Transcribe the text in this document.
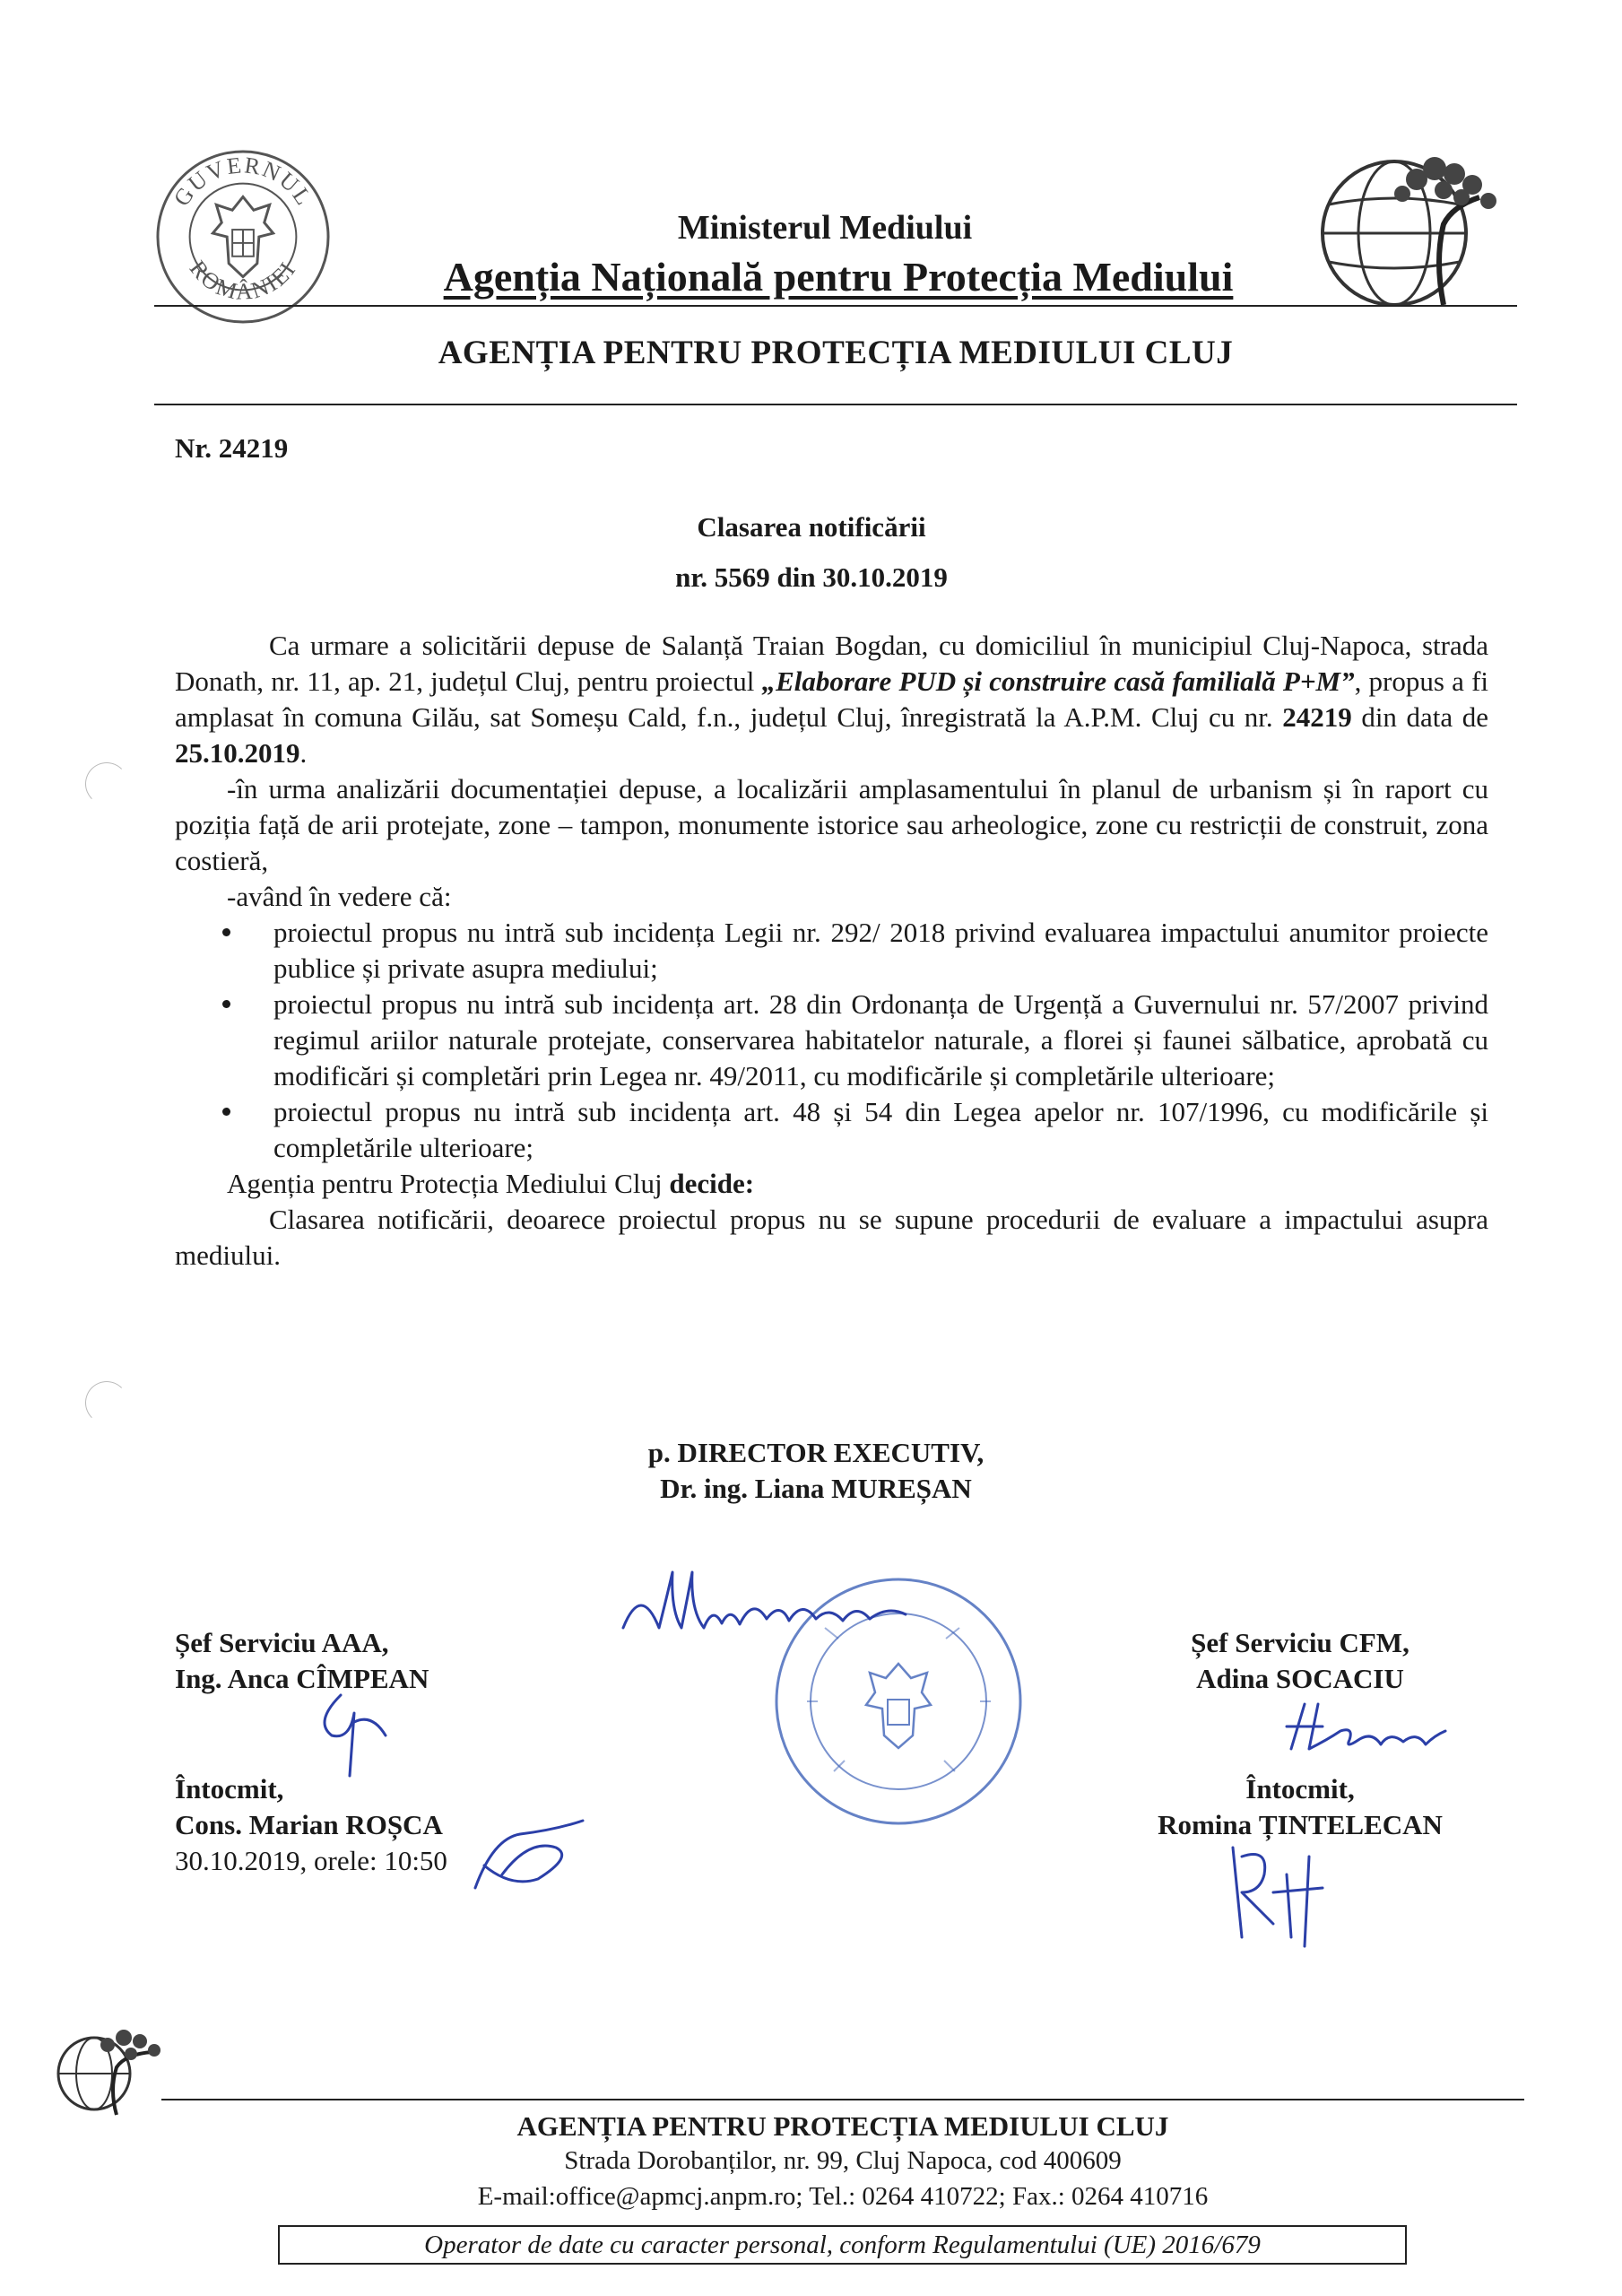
GUVERNUL
ROMÂNIEI
Ministerul Mediului
Agenția Națională pentru Protecția Mediului
AGENȚIA PENTRU PROTECȚIA MEDIULUI CLUJ
Nr. 24219
Clasarea notificării
nr. 5569 din 30.10.2019

Ca urmare a solicitării depuse de Salanță Traian Bogdan, cu domiciliul în municipiul Cluj-Napoca, strada Donath, nr. 11, ap. 21, județul Cluj, pentru proiectul „Elaborare PUD și construire casă familială P+M”, propus a fi amplasat în comuna Gilău, sat Someșu Cald, f.n., județul Cluj, înregistrată la A.P.M. Cluj cu nr. 24219 din data de 25.10.2019.

-în urma analizării documentației depuse, a localizării amplasamentului în planul de urbanism și în raport cu poziția față de arii protejate, zone – tampon, monumente istorice sau arheologice, zone cu restricții de construit, zona costieră,

-având în vedere că:

proiectul propus nu intră sub incidența Legii nr. 292/ 2018 privind evaluarea impactului anumitor proiecte publice și private asupra mediului;
proiectul propus nu intră sub incidența art. 28 din Ordonanța de Urgență a Guvernului nr. 57/2007 privind regimul ariilor naturale protejate, conservarea habitatelor naturale, a florei și faunei sălbatice, aprobată cu modificări și completări prin Legea nr. 49/2011, cu modificările și completările ulterioare;
proiectul propus nu intră sub incidența art. 48 și 54 din Legea apelor nr. 107/1996, cu modificările și completările ulterioare;

Agenția pentru Protecția Mediului Cluj decide:

Clasarea notificării, deoarece proiectul propus nu se supune procedurii de evaluare a impactului asupra mediului.

p. DIRECTOR EXECUTIV,
Dr. ing. Liana MUREȘAN
Șef Serviciu AAA,
Ing. Anca CÎMPEAN
Șef Serviciu CFM,
Adina SOCACIU
Întocmit,
Cons. Marian ROȘCA
30.10.2019, orele: 10:50
Întocmit,
Romina ȚINTELECAN
AGENȚIA PENTRU PROTECȚIA MEDIULUI CLUJ
Strada Dorobanților, nr. 99, Cluj Napoca, cod 400609
E-mail:office@apmcj.anpm.ro; Tel.: 0264 410722; Fax.: 0264 410716
Operator de date cu caracter personal, conform Regulamentului (UE) 2016/679
